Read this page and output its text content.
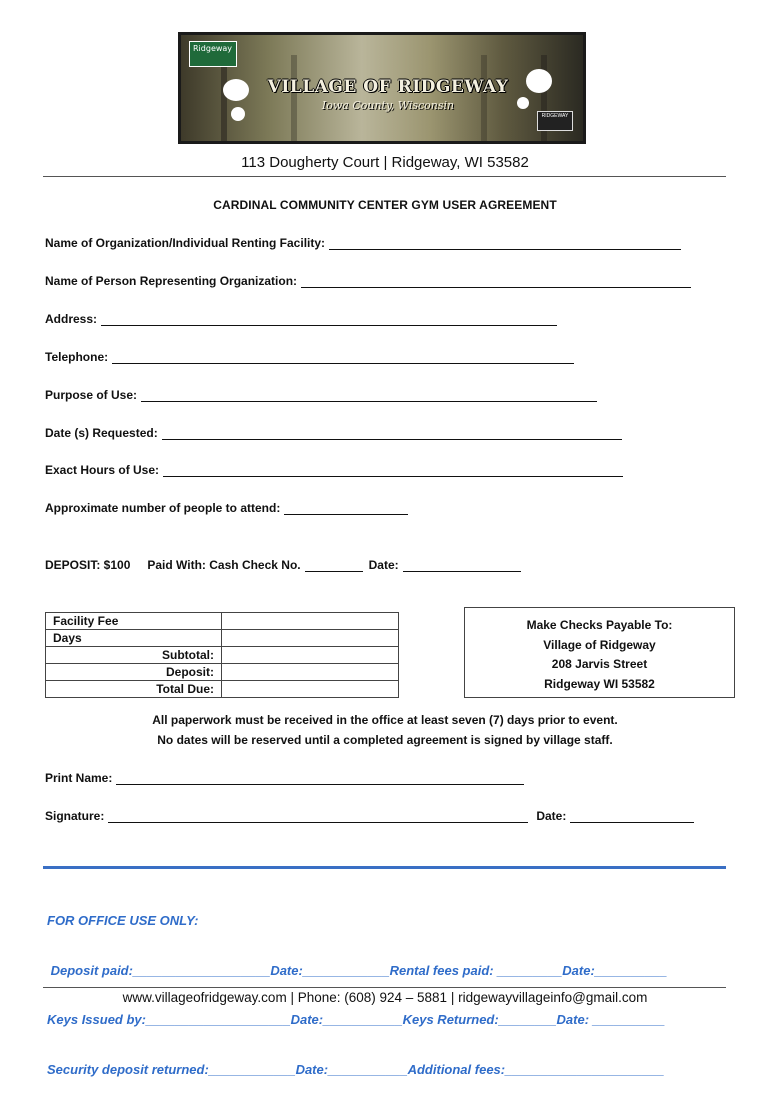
Ridgeway
VILLAGE OF RIDGEWAY
Iowa County, Wisconsin
RIDGEWAY
113 Dougherty Court | Ridgeway, WI 53582
CARDINAL COMMUNITY CENTER GYM USER AGREEMENT
Name of Organization/Individual Renting Facility:
Name of Person Representing Organization:
Address:
Telephone:
Purpose of Use:
Date (s) Requested:
Exact Hours of Use:
Approximate number of people to attend:
DEPOSIT: $100 Paid With: Cash Check No.	Date:
Facility Fee	
Days	
Subtotal:	
Deposit:	
Total Due:	
Make Checks Payable To:
Village of Ridgeway
208 Jarvis Street
Ridgeway WI 53582
All paperwork must be received in the office at least seven (7) days prior to event.
No dates will be reserved until a completed agreement is signed by village staff.
Print Name:
Signature:	Date:

FOR OFFICE USE ONLY:

Deposit paid:___________________Date:____________Rental fees paid: _________Date:__________

Keys Issued by:____________________Date:___________Keys Returned:________Date: __________

Security deposit returned:____________Date:___________Additional fees:______________________

www.villageofridgeway.com | Phone: (608) 924 – 5881 | ridgewayvillageinfo@gmail.com
